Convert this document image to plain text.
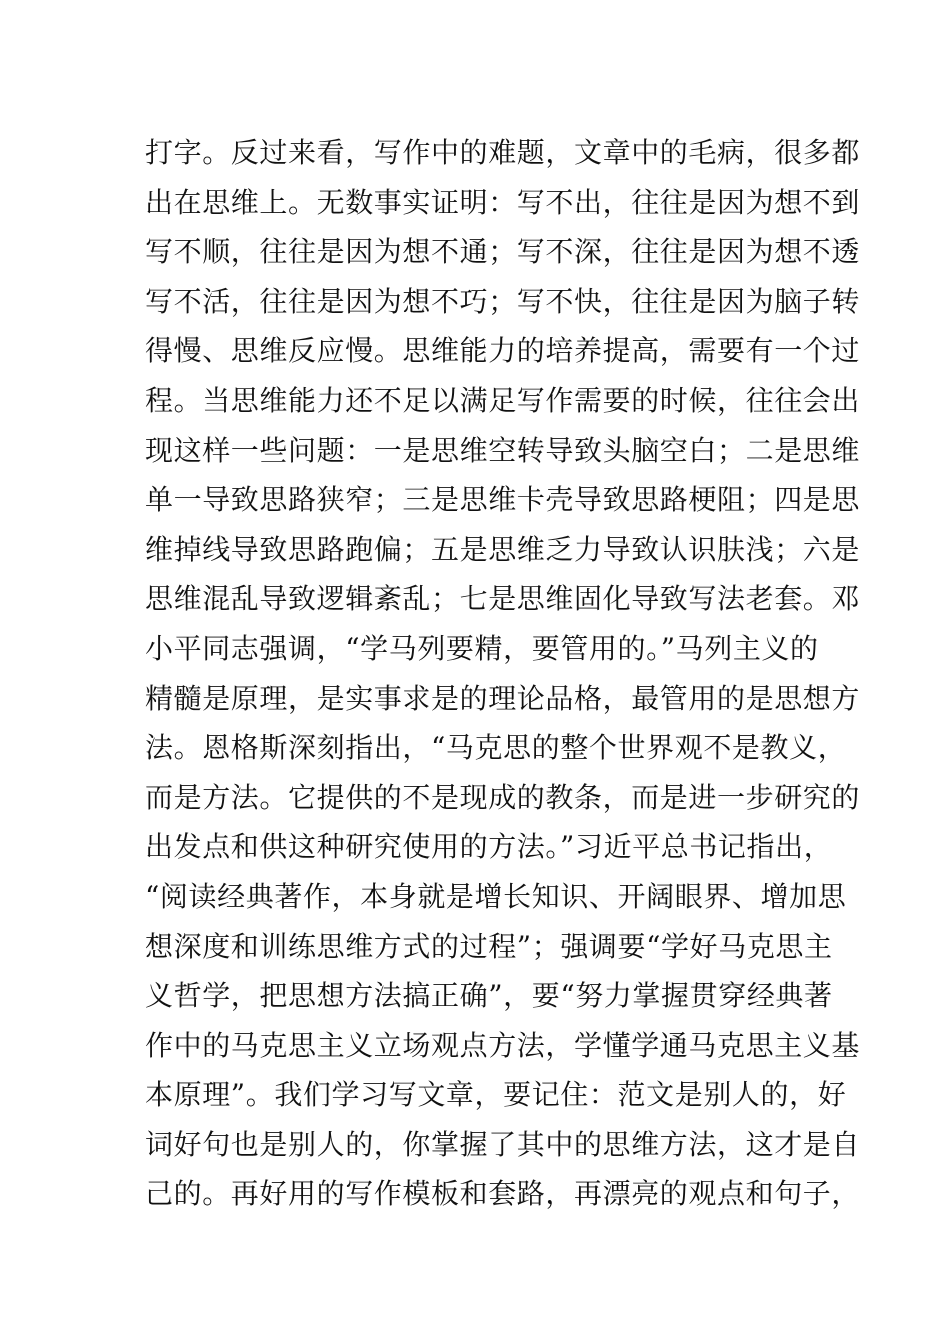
打字。反过来看，写作中的难题，文章中的毛病，很多都
出在思维上。无数事实证明：写不出，往往是因为想不到
写不顺，往往是因为想不通；写不深，往往是因为想不透
写不活，往往是因为想不巧；写不快，往往是因为脑子转
得慢、思维反应慢。思维能力的培养提高，需要有一个过
程。当思维能力还不足以满足写作需要的时候，往往会出
现这样一些问题：一是思维空转导致头脑空白；二是思维
单一导致思路狭窄；三是思维卡壳导致思路梗阻；四是思
维掉线导致思路跑偏；五是思维乏力导致认识肤浅；六是
思维混乱导致逻辑紊乱；七是思维固化导致写法老套。邓
小平同志强调，“学马列要精，要管用的。”马列主义的
精髓是原理，是实事求是的理论品格，最管用的是思想方
法。恩格斯深刻指出，“马克思的整个世界观不是教义，
而是方法。它提供的不是现成的教条，而是进一步研究的
出发点和供这种研究使用的方法。”习近平总书记指出，
“阅读经典著作，本身就是增长知识、开阔眼界、增加思
想深度和训练思维方式的过程”；强调要“学好马克思主
义哲学，把思想方法搞正确”，要“努力掌握贯穿经典著
作中的马克思主义立场观点方法，学懂学通马克思主义基
本原理”。我们学习写文章，要记住：范文是别人的，好
词好句也是别人的，你掌握了其中的思维方法，这才是自
己的。再好用的写作模板和套路，再漂亮的观点和句子，
